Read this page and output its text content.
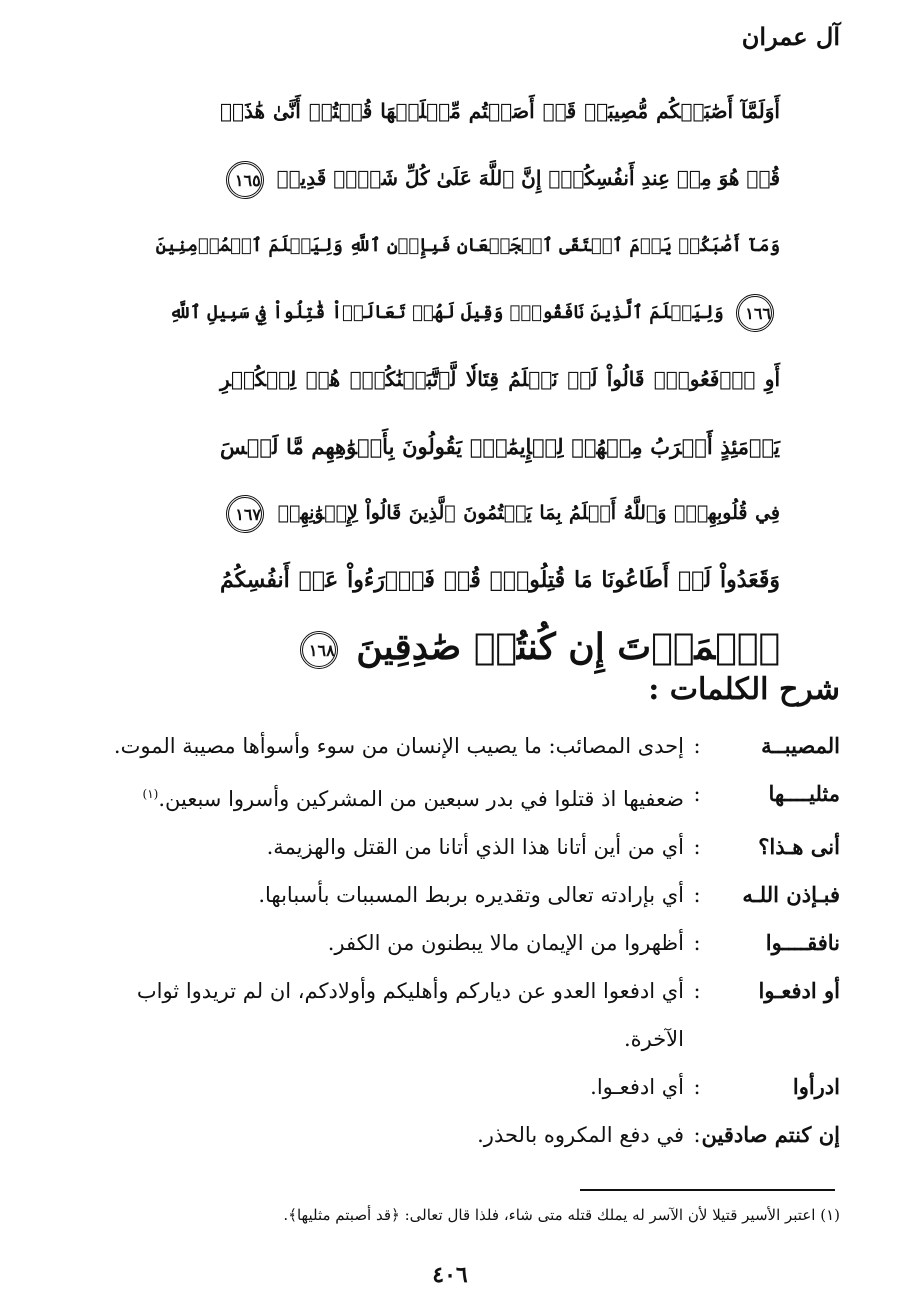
آل عمران
أَوَلَمَّآ أَصَٰبَتۡكُم مُّصِيبَةٞ قَدۡ أَصَبۡتُم مِّثۡلَيۡهَا قُلۡتُمۡ أَنَّىٰ هَٰذَاۖ
قُلۡ هُوَ مِنۡ عِندِ أَنفُسِكُمۡۗ إِنَّ ٱللَّهَ عَلَىٰ كُلِّ شَيۡءٖ قَدِيرٞ ١٦٥
وَمَآ أَصَٰبَكُمۡ يَوۡمَ ٱلۡتَقَى ٱلۡجَمۡعَانِ فَبِإِذۡنِ ٱللَّهِ وَلِيَعۡلَمَ ٱلۡمُؤۡمِنِينَ
١٦٦ وَلِيَعۡلَمَ ٱلَّذِينَ نَافَقُواْۚ وَقِيلَ لَهُمۡ تَعَالَوۡاْ قَٰتِلُواْ فِي سَبِيلِ ٱللَّهِ
أَوِ ٱدۡفَعُواْۖ قَالُواْ لَوۡ نَعۡلَمُ قِتَالٗا لَّٱتَّبَعۡنَٰكُمۡۗ هُمۡ لِلۡكُفۡرِ
يَوۡمَئِذٍ أَقۡرَبُ مِنۡهُمۡ لِلۡإِيمَٰنِۚ يَقُولُونَ بِأَفۡوَٰهِهِم مَّا لَيۡسَ
فِي قُلُوبِهِمۡۚ وَٱللَّهُ أَعۡلَمُ بِمَا يَكۡتُمُونَ ٱلَّذِينَ قَالُواْ لِإِخۡوَٰنِهِمۡ ١٦٧
وَقَعَدُواْ لَوۡ أَطَاعُونَا مَا قُتِلُواْۗ قُلۡ فَٱدۡرَءُواْ عَنۡ أَنفُسِكُمُ
ٱلۡمَوۡتَ إِن كُنتُمۡ صَٰدِقِينَ ١٦٨
شرح الكلمات :
المصيبــة
:
إحدى المصائب: ما يصيب الإنسان من سوء وأسوأها مصيبة الموت.
مثليــــها
:
ضعفيها اذ قتلوا في بدر سبعين من المشركين وأسروا سبعين.$^{(١)}$
أنى هـذا؟
:
أي من أين أتانا هذا الذي أتانا من القتل والهزيمة.
فبـإذن اللـه
:
أي بإرادته تعالى وتقديره بربط المسببات بأسبابها.
نافقــــوا
:
أظهروا من الإيمان مالا يبطنون من الكفر.
أو ادفعـوا
:
أي ادفعوا العدو عن دياركم وأهليكم وأولادكم، ان لم تريدوا ثواب الآخرة.
ادرأوا
:
أي ادفعـوا.
إن كنتم صادقين
:
في دفع المكروه بالحذر.
(١) اعتبر الأسير قتيلا لأن الآسر له يملك قتله متى شاء، فلذا قال تعالى: ﴿قد أصبتم مثليها﴾.
٤٠٦
